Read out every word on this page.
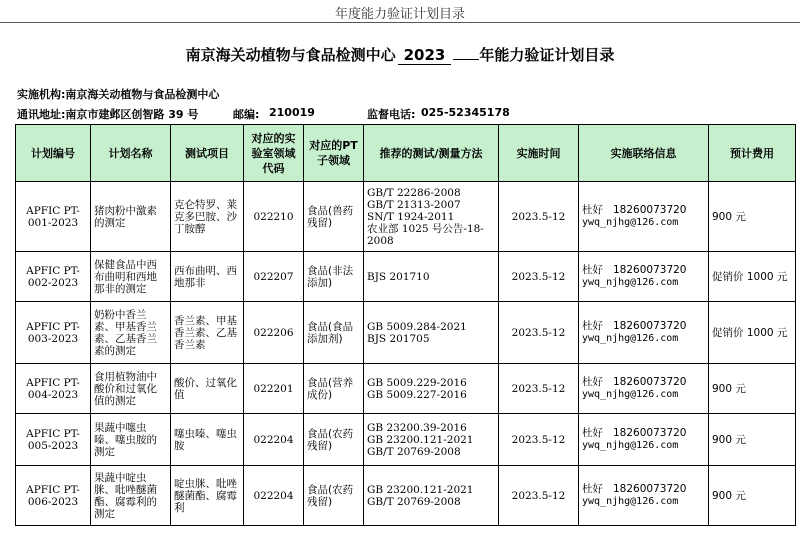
年度能力验证计划目录
南京海关动植物与食品检测中心 2023 年能力验证计划目录
实施机构:南京海关动植物与食品检测中心
通讯地址:南京市建邺区创智路 39 号	邮编: 210019	监督电话: 025-52345178
计划编号	计划名称	测试项目	对应的实验室领域代码	对应的PT 子领域	推荐的测试/测量方法	实施时间	实施联络信息	预计费用
APFIC PT-001-2023	猪肉粉中激素的测定	克仑特罗、莱克多巴胺、沙丁胺醇	022210	食品(兽药残留)	GB/T 22286-2008
GB/T 21313-2007
SN/T 1924-2011
农业部 1025 号公告-18-2008	2023.5-12	杜好 18260073720
ywq_njhg@126.com	900 元
APFIC PT-002-2023	保健食品中西布曲明和西地那非的测定	西布曲明、西地那非	022207	食品(非法添加)	BJS 201710	2023.5-12	杜好 18260073720
ywq_njhg@126.com	促销价 1000 元
APFIC PT-003-2023	奶粉中香兰素、甲基香兰素、乙基香兰素的测定	香兰素、甲基香兰素、乙基香兰素	022206	食品(食品添加剂)	GB 5009.284-2021
BJS 201705	2023.5-12	杜好 18260073720
ywq_njhg@126.com	促销价 1000 元
APFIC PT-004-2023	食用植物油中酸价和过氧化值的测定	酸价、过氧化值	022201	食品(营养成份)	GB 5009.229-2016
GB 5009.227-2016	2023.5-12	杜好 18260073720
ywq_njhg@126.com	900 元
APFIC PT-005-2023	果蔬中噻虫嗪、噻虫胺的测定	噻虫嗪、噻虫胺	022204	食品(农药残留)	GB 23200.39-2016
GB 23200.121-2021
GB/T 20769-2008	2023.5-12	杜好 18260073720
ywq_njhg@126.com	900 元
APFIC PT-006-2023	果蔬中啶虫脒、吡唑醚菌酯、腐霉利的测定	啶虫脒、吡唑醚菌酯、腐霉利	022204	食品(农药残留)	GB 23200.121-2021
GB/T 20769-2008	2023.5-12	杜好 18260073720
ywq_njhg@126.com	900 元
